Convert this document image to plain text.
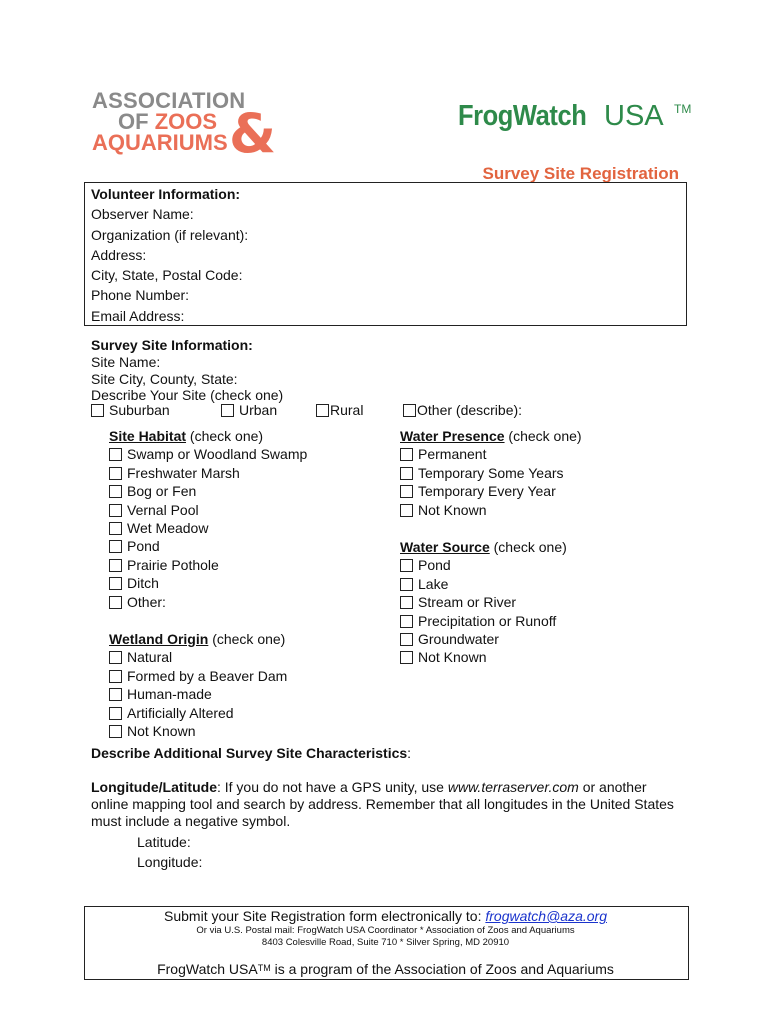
ASSOCIATION
OF ZOOS
AQUARIUMS &	FrogWatch USA TM
Survey Site Registration
Volunteer Information:
Observer Name:
Organization (if relevant):
Address:
City, State, Postal Code:
Phone Number:
Email Address:
Survey Site Information:
Site Name:
Site City, County, State:
Describe Your Site (check one)
Suburban	Urban	Rural	Other (describe):
Site Habitat (check one)
Swamp or Woodland Swamp
Freshwater Marsh
Bog or Fen
Vernal Pool
Wet Meadow
Pond
Prairie Pothole
Ditch
Other:
Water Presence (check one)
Permanent
Temporary Some Years
Temporary Every Year
Not Known
Water Source (check one)
Pond
Lake
Stream or River
Precipitation or Runoff
Groundwater
Not Known
Wetland Origin (check one)
Natural
Formed by a Beaver Dam
Human-made
Artificially Altered
Not Known
Describe Additional Survey Site Characteristics:
Longitude/Latitude: If you do not have a GPS unity, use www.terraserver.com or another
online mapping tool and search by address. Remember that all longitudes in the United States
must include a negative symbol.
Latitude:
Longitude:
Submit your Site Registration form electronically to: frogwatch@aza.org
Or via U.S. Postal mail: FrogWatch USA Coordinator * Association of Zoos and Aquariums
8403 Colesville Road, Suite 710 * Silver Spring, MD 20910
FrogWatch USA™ is a program of the Association of Zoos and Aquariums
